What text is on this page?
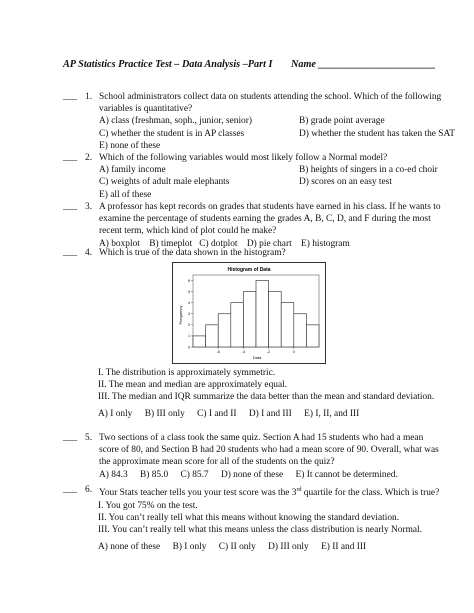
AP Statistics Practice Test – Data Analysis –Part I Name _______________________
___ 1. School administrators collect data on students attending the school. Which of the following
variables is quantitative?
A) class (freshman, soph., junior, senior)	B) grade point average
C) whether the student is in AP classes	D) whether the student has taken the SAT
E) none of these
___ 2. Which of the following variables would most likely follow a Normal model?
A) family income	B) heights of singers in a co-ed choir
C) weights of adult male elephants	D) scores on an easy test
E) all of these
___ 3. A professor has kept records on grades that students have earned in his class. If he wants to
examine the percentage of students earning the grades A, B, C, D, and F during the most
recent term, which kind of plot could he make?
A) boxplot    B) timeplot   C) dotplot    D) pie chart    E) histogram
___ 4. Which is true of the data shown in the histogram?
Histogram of Data
Data
Frequency
0
1
2
3
4
5
6
-6	-4	-2	0
I. The distribution is approximately symmetric.
II. The mean and median are approximately equal.
III. The median and IQR summarize the data better than the mean and standard deviation.
A) I only B) III only C) I and II D) I and III E) I, II, and III
___ 5. Two sections of a class took the same quiz. Section A had 15 students who had a mean
score of 80, and Section B had 20 students who had a mean score of 90. Overall, what was
the approximate mean score for all of the students on the quiz?
A) 84.3 B) 85.0 C) 85.7 D) none of these E) It cannot be determined.
___ 6. Your Stats teacher tells you your test score was the 3rd quartile for the class. Which is true?
I. You got 75% on the test.
II. You can’t really tell what this means without knowing the standard deviation.
III. You can’t really tell what this means unless the class distribution is nearly Normal.
A) none of these B) I only C) II only D) III only E) II and III
